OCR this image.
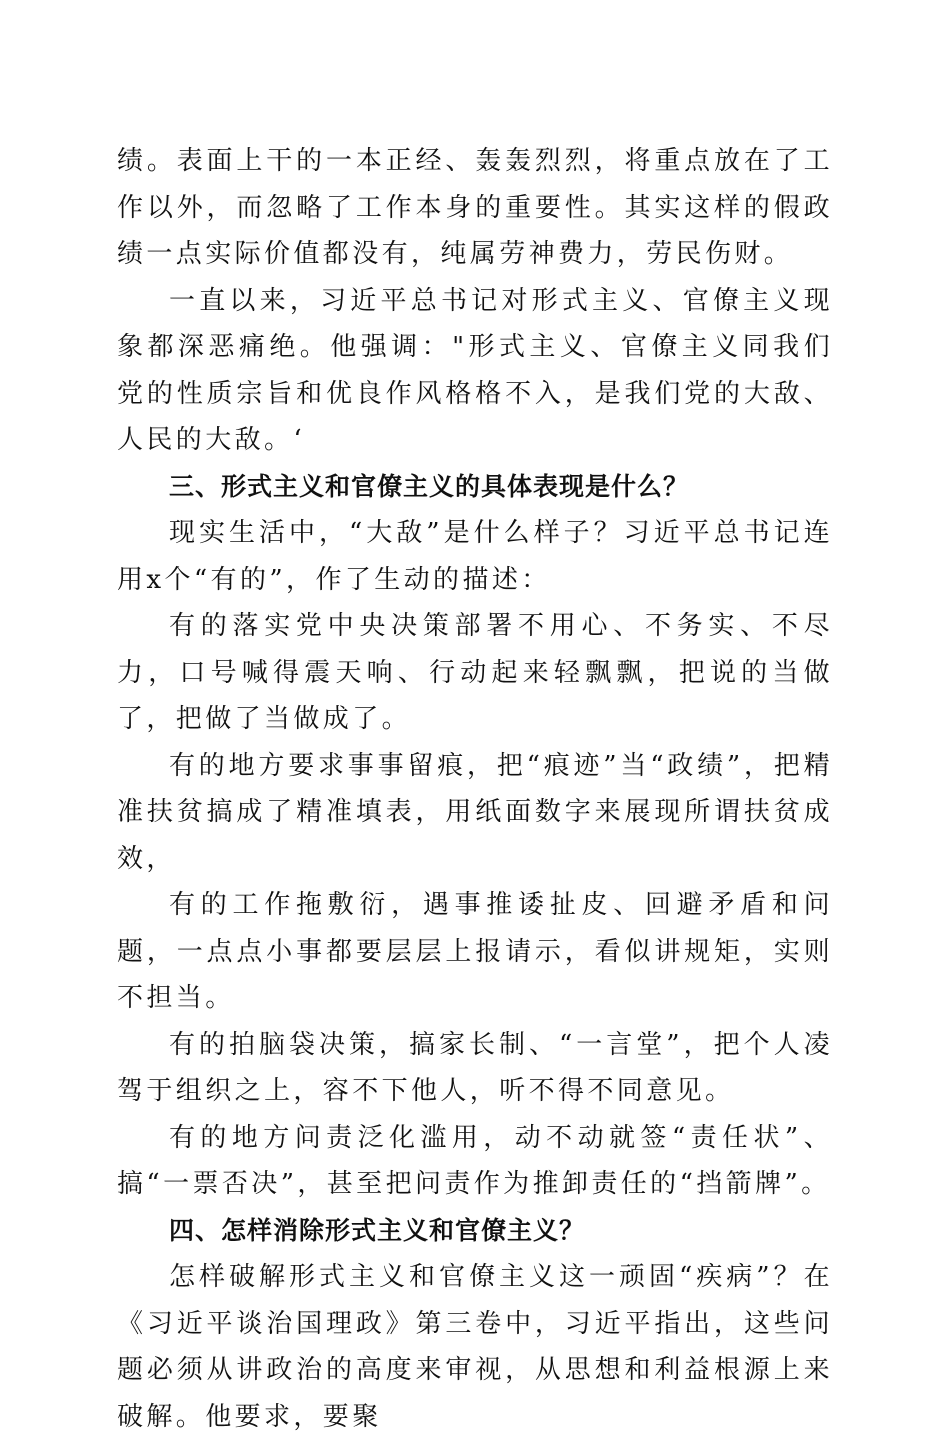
绩。表面上干的一本正经、轰轰烈烈，将重点放在了工作以外，而忽略了工作本身的重要性。其实这样的假政绩一点实际价值都没有，纯属劳神费力，劳民伤财。

一直以来，习近平总书记对形式主义、官僚主义现象都深恶痛绝。他强调："形式主义、官僚主义同我们党的性质宗旨和优良作风格格不入，是我们党的大敌、人民的大敌。‘

三、形式主义和官僚主义的具体表现是什么？

现实生活中，“大敌”是什么样子？习近平总书记连用x个“有的”，作了生动的描述：

有的落实党中央决策部署不用心、不务实、不尽力，口号喊得震天响、行动起来轻飘飘，把说的当做了，把做了当做成了。

有的地方要求事事留痕，把“痕迹”当“政绩”，把精准扶贫搞成了精准填表，用纸面数字来展现所谓扶贫成效，

有的工作拖敷衍，遇事推诿扯皮、回避矛盾和问题，一点点小事都要层层上报请示，看似讲规矩，实则不担当。

有的拍脑袋决策，搞家长制、“一言堂”，把个人凌驾于组织之上，容不下他人，听不得不同意见。

有的地方问责泛化滥用，动不动就签“责任状”、搞“一票否决”，甚至把问责作为推卸责任的“挡箭牌”。

四、怎样消除形式主义和官僚主义？

怎样破解形式主义和官僚主义这一顽固“疾病”？在《习近平谈治国理政》第三卷中，习近平指出，这些问题必须从讲政治的高度来审视，从思想和利益根源上来破解。他要求，要聚
